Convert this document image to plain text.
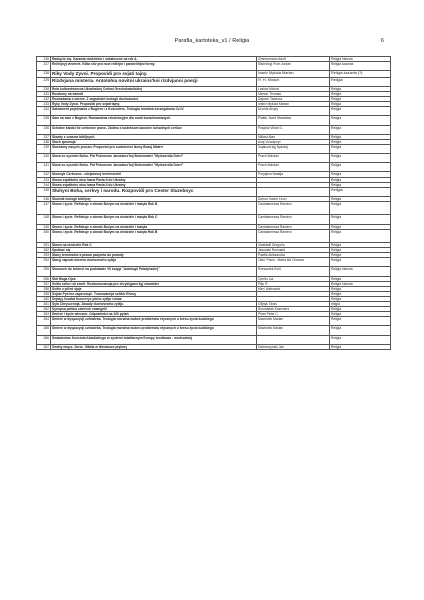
Parafia_kartoteka_v1 / Religia	6
226	Radujcie się. Kazania niedzielne i świateczne na rok A.	Zimmermann Adolf	Religia historia
227	Relihijnyj vinehret. Klika slіv pro novі relіhіjnі і pararelіhіjnі formy.	Slivins'kyj Piotr Jordan	Religia kazania
228	Riky Vody Zyvoi. Propovidi pro svjati tajny.	Ivaniv Mykola Marian	Religia kazania (?)
229	Rizdvjana misteria. Antolohia novіtoi ukraіns'koi rizdvjanoi poezji	H. H. Kinach	Religia
230	Rola kulturotwórcza Ukraińskiej Cerkwi Greckokatolickiej	Lesiów Michał	Religia
231	Rozdumy na samoti	Merton Thomas	Religia
232	Rozważania o wierze. Z zagadnień teologii duchowości.	Dajczer Tadeusz	Religia
233	Ryky Vody Zyvoi. Propovidi pro svjati tajny.	Ivaniv Mykola Marian	Religia
234	Sakrament pojednania z Bogiem i z Kościołem. Teologia moralna szczegółowa Cz.IV	Drożdż Alojzy	Religia
235	Sam na sam z Bogiem. Rozważania rekolekcyjne dla osób konsekrowanych	Platek Józef Stanisław	Religia
236	Schidne katolic'ke cerkovne pravo. Zbidno z kodeksom kanoniv schodnych cerkov	Pospisil Viktor D.	Religia
237	Skarby z czasów biblijnych	Millard Alan	Religia
238	Słach zjasinnja	Avaj Volodymyr	Religia
239	Slachamy nasych procan. Propovidi pro cudotvorni ikony Bozoj Materi	Vojakovs'kyj Nykolaj	Religia
240	Slava vo vysnich Bohu. Pid Pokrovom Jaroslavs'koj Bohomateri "Myloserdia Dveri"	Prach Bohdan	Religia
241	Slava vo vysnich Bohu. Pid Pokrovom Jaroslavs'koj Bohomateri "Myloserdia Dveri"	Prach Bohdan	Religia
242	Słownyk Cerkovno - obrjadovoj terminolohii	Purjajeva Natalja	Religia
243	Słowo svjatitoho otca Ivana Pavla II do Ukrainy		Religia
244	Słowo svjatitoho otca Ivana Pavla II do Ukrainy		Religia
245	Słuhyni Boha, cerkvy i narodu. Rozpovidi pro Cester Sluzebnyc		Religia
246	Słownik teologii biblijnej	Dufour Xavier Leon	Religia
247	Słowo i życie. Refleksje o słowie Bożym na niedziele i święta Rok B	Cantalamessa Raniero	Religia
248	Słowo i życie. Refleksje o słowie Bożym na niedziele i święta Rok C	Cantalamessa Raniero	Religia
249	Słowo i życie. Refleksje o słowie Bożym na niedziele i święta	Cantalamessa Raniero	Religia
250	Słowo i życie. Refleksje o słowie Bożym na niedziele i święta Rok B	Cantalamessa Raniero	Religia
251	Słowo na niedziele Rok C	Vivaldelli Gregorio	Religia
252	Spotkać się	Jaworski Romuald	Religia
253	Stany terminalne a prawo pacjenta do prawdy	Pawlik Aleksandra	Religia
254	Staryj zapovit dzerelo duchovnoho zyttja	Otec' Pavlo - Maria bid Chresta	Religia
255	Stosunek do śmierci na podstawie VII księgi "Antologii Palatyńskiej"	Rzeszutek Emil	Religia historia
256	Stół Boga Ojca	Cerrito Lia	Religia
257	Svitlo svitu i sil zemli. Rozdumuvannja pro chrystyjans'kyj charakter	Pilju R.	Religia historia
258	Svitlo v pit'mi sjaje	Men' Aleksandr	Religia
259	Svjate Pys'mo zaperecuje. Tvanuvannja svitkiv Ehovy		Religia
260	Svjatyj Josafat Kuncevyc jobho zyttja i doba		Religia
261	Syla Chryscennja. Zasady duchovnoho zyttja.	Olijnyk Taras	religia
262	Synopsa pełska czterech ewangelii	Rosmarlak Kazimierz	Religia
263	Śmierć i życie wieczne. Odpowiedzi na 100 pytań	Phan Peter C.	Religia
264	Śmierć w dyspozycji człowieka. Teologia moralna wobec problemów etycznych u kresu życia ludzkiego	Machinek Marian	Religia
265	Śmierć w dyspozycji człowieka. Teologia moralna wobec problemów etycznych u kresu życia ludzkiego	Machinek Marian	Religia
266	Świadectwo Kościoła Katolickiego w systemi totalitarnym Europy środkowo - wschodniej		Religia
267	Świety mięcz. Seria : Biblia w literaturze pięknej	Dobraczyński Jan	Religia
